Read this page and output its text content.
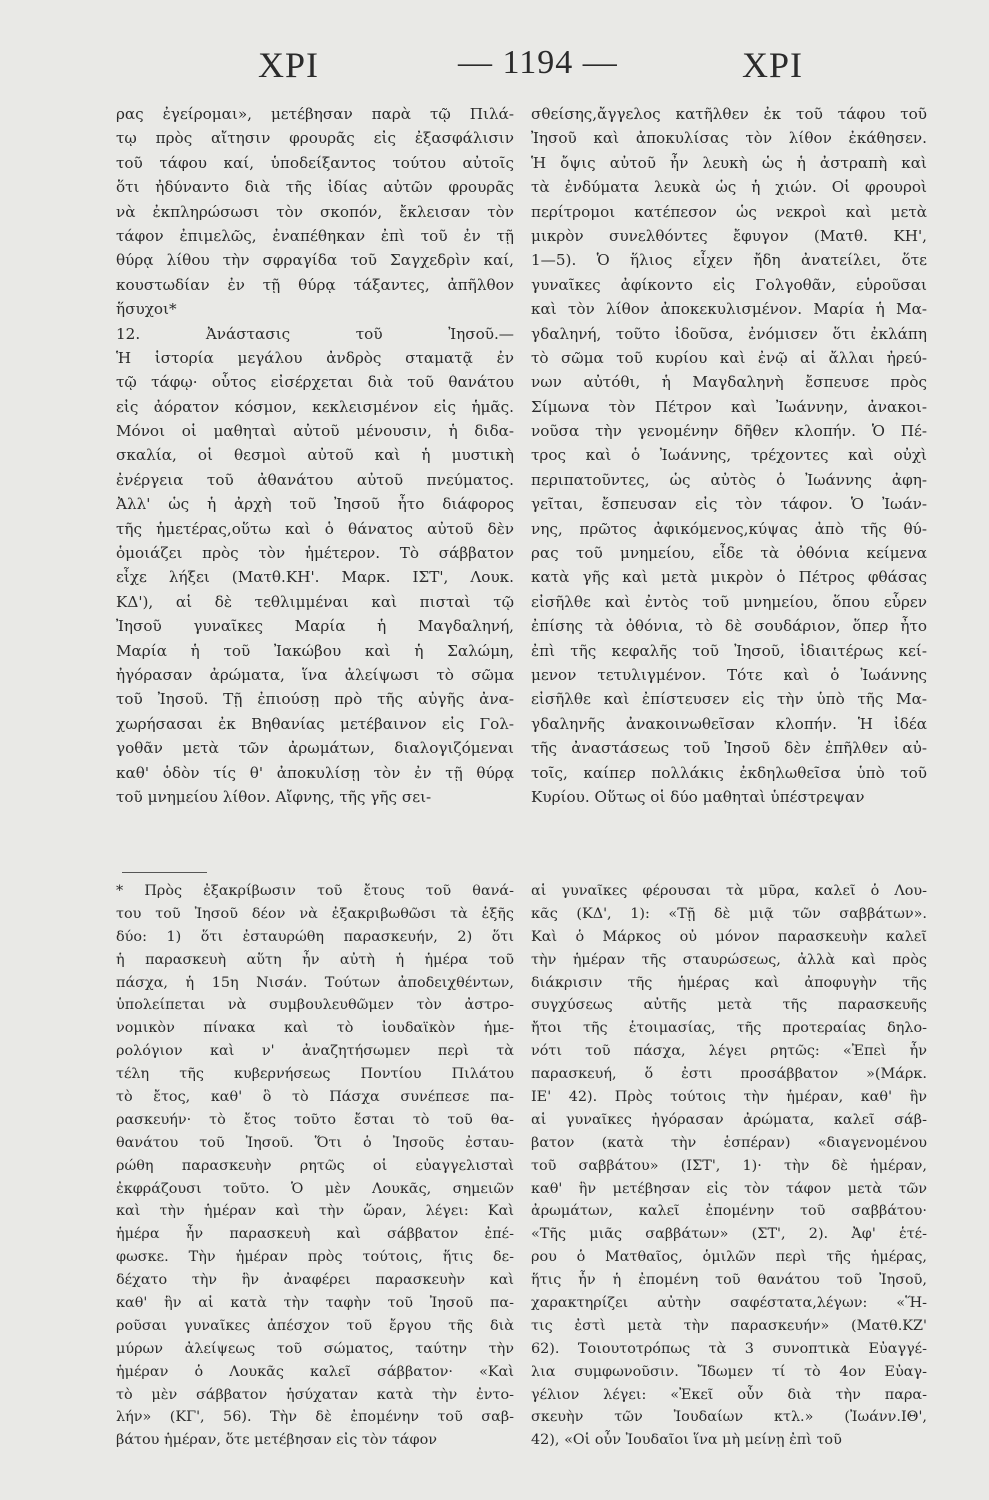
ΧΡΙ	— 1194 —	ΧΡΙ
ρας ἐγείρομαι», μετέβησαν παρὰ τῷ Πιλά-
τῳ πρὸς αἴτησιν φρουρᾶς εἰς ἐξασφάλισιν
τοῦ τάφου καί, ὑποδείξαντος τούτου αὐτοῖς
ὅτι ἠδύναντο διὰ τῆς ἰδίας αὐτῶν φρουρᾶς
νὰ ἐκπληρώσωσι τὸν σκοπόν, ἔκλεισαν τὸν
τάφον ἐπιμελῶς, ἐναπέθηκαν ἐπὶ τοῦ ἐν τῇ
θύρᾳ λίθου τὴν σφραγίδα τοῦ Σαγχεδρὶν καί,
κουστωδίαν ἐν τῇ θύρᾳ τάξαντες, ἀπῆλθον
ἥσυχοι*
12. Ἀνάστασις τοῦ Ἰησοῦ.—
Ἡ ἱστορία μεγάλου ἀνδρὸς σταματᾷ ἐν
τῷ τάφῳ· οὗτος εἰσέρχεται διὰ τοῦ θανάτου
εἰς ἀόρατον κόσμον, κεκλεισμένον εἰς ἡμᾶς.
Μόνοι οἱ μαθηταὶ αὐτοῦ μένουσιν, ἡ διδα-
σκαλία, οἱ θεσμοὶ αὐτοῦ καὶ ἡ μυστικὴ
ἐνέργεια τοῦ ἀθανάτου αὐτοῦ πνεύματος.
Ἀλλ' ὡς ἡ ἀρχὴ τοῦ Ἰησοῦ ἦτο διάφορος
τῆς ἡμετέρας,οὕτω καὶ ὁ θάνατος αὐτοῦ δὲν
ὁμοιάζει πρὸς τὸν ἡμέτερον. Τὸ σάββατον
εἶχε λήξει (Ματθ.ΚΗ'. Μαρκ. ΙΣΤ', Λουκ.
ΚΔ'), αἱ δὲ τεθλιμμέναι καὶ πισταὶ τῷ
Ἰησοῦ γυναῖκες Μαρία ἡ Μαγδαληνή,
Μαρία ἡ τοῦ Ἰακώβου καὶ ἡ Σαλώμη,
ἠγόρασαν ἀρώματα, ἵνα ἀλείψωσι τὸ σῶμα
τοῦ Ἰησοῦ. Τῇ ἐπιούσῃ πρὸ τῆς αὐγῆς ἀνα-
χωρήσασαι ἐκ Βηθανίας μετέβαινον εἰς Γολ-
γοθᾶν μετὰ τῶν ἀρωμάτων, διαλογιζόμεναι
καθ' ὁδὸν τίς θ' ἀποκυλίσῃ τὸν ἐν τῇ θύρᾳ
τοῦ μνημείου λίθον. Αἴφνης, τῆς γῆς σει-
σθείσης,ἄγγελος κατῆλθεν ἐκ τοῦ τάφου τοῦ
Ἰησοῦ καὶ ἀποκυλίσας τὸν λίθον ἐκάθησεν.
Ἡ ὄψις αὐτοῦ ἦν λευκὴ ὡς ἡ ἀστραπὴ καὶ
τὰ ἐνδύματα λευκὰ ὡς ἡ χιών. Οἱ φρουροὶ
περίτρομοι κατέπεσον ὡς νεκροὶ καὶ μετὰ
μικρὸν συνελθόντες ἔφυγον (Ματθ. ΚΗ',
1—5). Ὁ ἥλιος εἶχεν ἤδη ἀνατείλει, ὅτε
γυναῖκες ἀφίκοντο εἰς Γολγοθᾶν, εὑροῦσαι
καὶ τὸν λίθον ἀποκεκυλισμένον. Μαρία ἡ Μα-
γδαληνή, τοῦτο ἰδοῦσα, ἐνόμισεν ὅτι ἐκλάπη
τὸ σῶμα τοῦ κυρίου καὶ ἐνῷ αἱ ἄλλαι ἠρεύ-
νων αὐτόθι, ἡ Μαγδαληνὴ ἔσπευσε πρὸς
Σίμωνα τὸν Πέτρον καὶ Ἰωάννην, ἀνακοι-
νοῦσα τὴν γενομένην δῆθεν κλοπήν. Ὁ Πέ-
τρος καὶ ὁ Ἰωάννης, τρέχοντες καὶ οὐχὶ
περιπατοῦντες, ὡς αὐτὸς ὁ Ἰωάννης ἀφη-
γεῖται, ἔσπευσαν εἰς τὸν τάφον. Ὁ Ἰωάν-
νης, πρῶτος ἀφικόμενος,κύψας ἀπὸ τῆς θύ-
ρας τοῦ μνημείου, εἶδε τὰ ὀθόνια κείμενα
κατὰ γῆς καὶ μετὰ μικρὸν ὁ Πέτρος φθάσας
εἰσῆλθε καὶ ἐντὸς τοῦ μνημείου, ὅπου εὗρεν
ἐπίσης τὰ ὀθόνια, τὸ δὲ σουδάριον, ὅπερ ἦτο
ἐπὶ τῆς κεφαλῆς τοῦ Ἰησοῦ, ἰδιαιτέρως κεί-
μενον τετυλιγμένον. Τότε καὶ ὁ Ἰωάννης
εἰσῆλθε καὶ ἐπίστευσεν εἰς τὴν ὑπὸ τῆς Μα-
γδαληνῆς ἀνακοινωθεῖσαν κλοπήν. Ἡ ἰδέα
τῆς ἀναστάσεως τοῦ Ἰησοῦ δὲν ἐπῆλθεν αὐ-
τοῖς, καίπερ πολλάκις ἐκδηλωθεῖσα ὑπὸ τοῦ
Κυρίου. Οὕτως οἱ δύο μαθηταὶ ὑπέστρεψαν
* Πρὸς ἐξακρίβωσιν τοῦ ἔτους τοῦ θανά-
του τοῦ Ἰησοῦ δέον νὰ ἐξακριβωθῶσι τὰ ἑξῆς
δύο: 1) ὅτι ἐσταυρώθη παρασκευήν, 2) ὅτι
ἡ παρασκευὴ αὕτη ἦν αὐτὴ ἡ ἡμέρα τοῦ
πάσχα, ἡ 15η Νισάν. Τούτων ἀποδειχθέντων,
ὑπολείπεται νὰ συμβουλευθῶμεν τὸν ἀστρο-
νομικὸν πίνακα καὶ τὸ ἰουδαϊκὸν ἡμε-
ρολόγιον καὶ ν' ἀναζητήσωμεν περὶ τὰ
τέλη τῆς κυβερνήσεως Ποντίου Πιλάτου
τὸ ἔτος, καθ' ὃ τὸ Πάσχα συνέπεσε πα-
ρασκευήν· τὸ ἔτος τοῦτο ἔσται τὸ τοῦ θα-
θανάτου τοῦ Ἰησοῦ. Ὅτι ὁ Ἰησοῦς ἐσταυ-
ρώθη παρασκευὴν ρητῶς οἱ εὐαγγελισταὶ
ἐκφράζουσι τοῦτο. Ὁ μὲν Λουκᾶς, σημειῶν
καὶ τὴν ἡμέραν καὶ τὴν ὥραν, λέγει: Καὶ
ἡμέρα ἦν παρασκευὴ καὶ σάββατον ἐπέ-
φωσκε. Τὴν ἡμέραν πρὸς τούτοις, ἥτις δε-
δέχατο τὴν ἣν ἀναφέρει παρασκευὴν καὶ
καθ' ἣν αἱ κατὰ τὴν ταφὴν τοῦ Ἰησοῦ πα-
ροῦσαι γυναῖκες ἀπέσχον τοῦ ἔργου τῆς διὰ
μύρων ἀλείψεως τοῦ σώματος, ταύτην τὴν
ἡμέραν ὁ Λουκᾶς καλεῖ σάββατον· «Καὶ
τὸ μὲν σάββατον ἡσύχαταν κατὰ τὴν ἐντο-
λήν» (ΚΓ', 56). Τὴν δὲ ἐπομένην τοῦ σαβ-
βάτου ἡμέραν, ὅτε μετέβησαν εἰς τὸν τάφον
αἱ γυναῖκες φέρουσαι τὰ μῦρα, καλεῖ ὁ Λου-
κᾶς (ΚΔ', 1): «Τῇ δὲ μιᾷ τῶν σαββάτων».
Καὶ ὁ Μάρκος οὐ μόνον παρασκευὴν καλεῖ
τὴν ἡμέραν τῆς σταυρώσεως, ἀλλὰ καὶ πρὸς
διάκρισιν τῆς ἡμέρας καὶ ἀποφυγὴν τῆς
συγχύσεως αὐτῆς μετὰ τῆς παρασκευῆς
ἤτοι τῆς ἑτοιμασίας, τῆς προτεραίας δηλο-
νότι τοῦ πάσχα, λέγει ρητῶς: «Ἐπεὶ ἦν
παρασκευή, ὅ ἐστι προσάββατον »(Μάρκ.
ΙΕ' 42). Πρὸς τούτοις τὴν ἡμέραν, καθ' ἣν
αἱ γυναῖκες ἠγόρασαν ἀρώματα, καλεῖ σάβ-
βατον (κατὰ τὴν ἑσπέραν) «διαγενομένου
τοῦ σαββάτου» (ΙΣΤ', 1)· τὴν δὲ ἡμέραν,
καθ' ἣν μετέβησαν εἰς τὸν τάφον μετὰ τῶν
ἀρωμάτων, καλεῖ ἐπομένην τοῦ σαββάτου·
«Τῆς μιᾶς σαββάτων» (ΣΤ', 2). Ἀφ' ἑτέ-
ρου ὁ Ματθαῖος, ὁμιλῶν περὶ τῆς ἡμέρας,
ἥτις ἦν ἡ ἐπομένη τοῦ θανάτου τοῦ Ἰησοῦ,
χαρακτηρίζει αὐτὴν σαφέστατα,λέγων: «Ἥ-
τις ἐστὶ μετὰ τὴν παρασκευήν» (Ματθ.ΚΖ'
62). Τοιουτοτρόπως τὰ 3 συνοπτικὰ Εὐαγγέ-
λια συμφωνοῦσιν. Ἴδωμεν τί τὸ 4ον Εὐαγ-
γέλιον λέγει: «Ἐκεῖ οὖν διὰ τὴν παρα-
σκευὴν τῶν Ἰουδαίων κτλ.» (Ἰωάνν.ΙΘ',
42), «Οἱ οὖν Ἰουδαῖοι ἵνα μὴ μείνῃ ἐπὶ τοῦ
